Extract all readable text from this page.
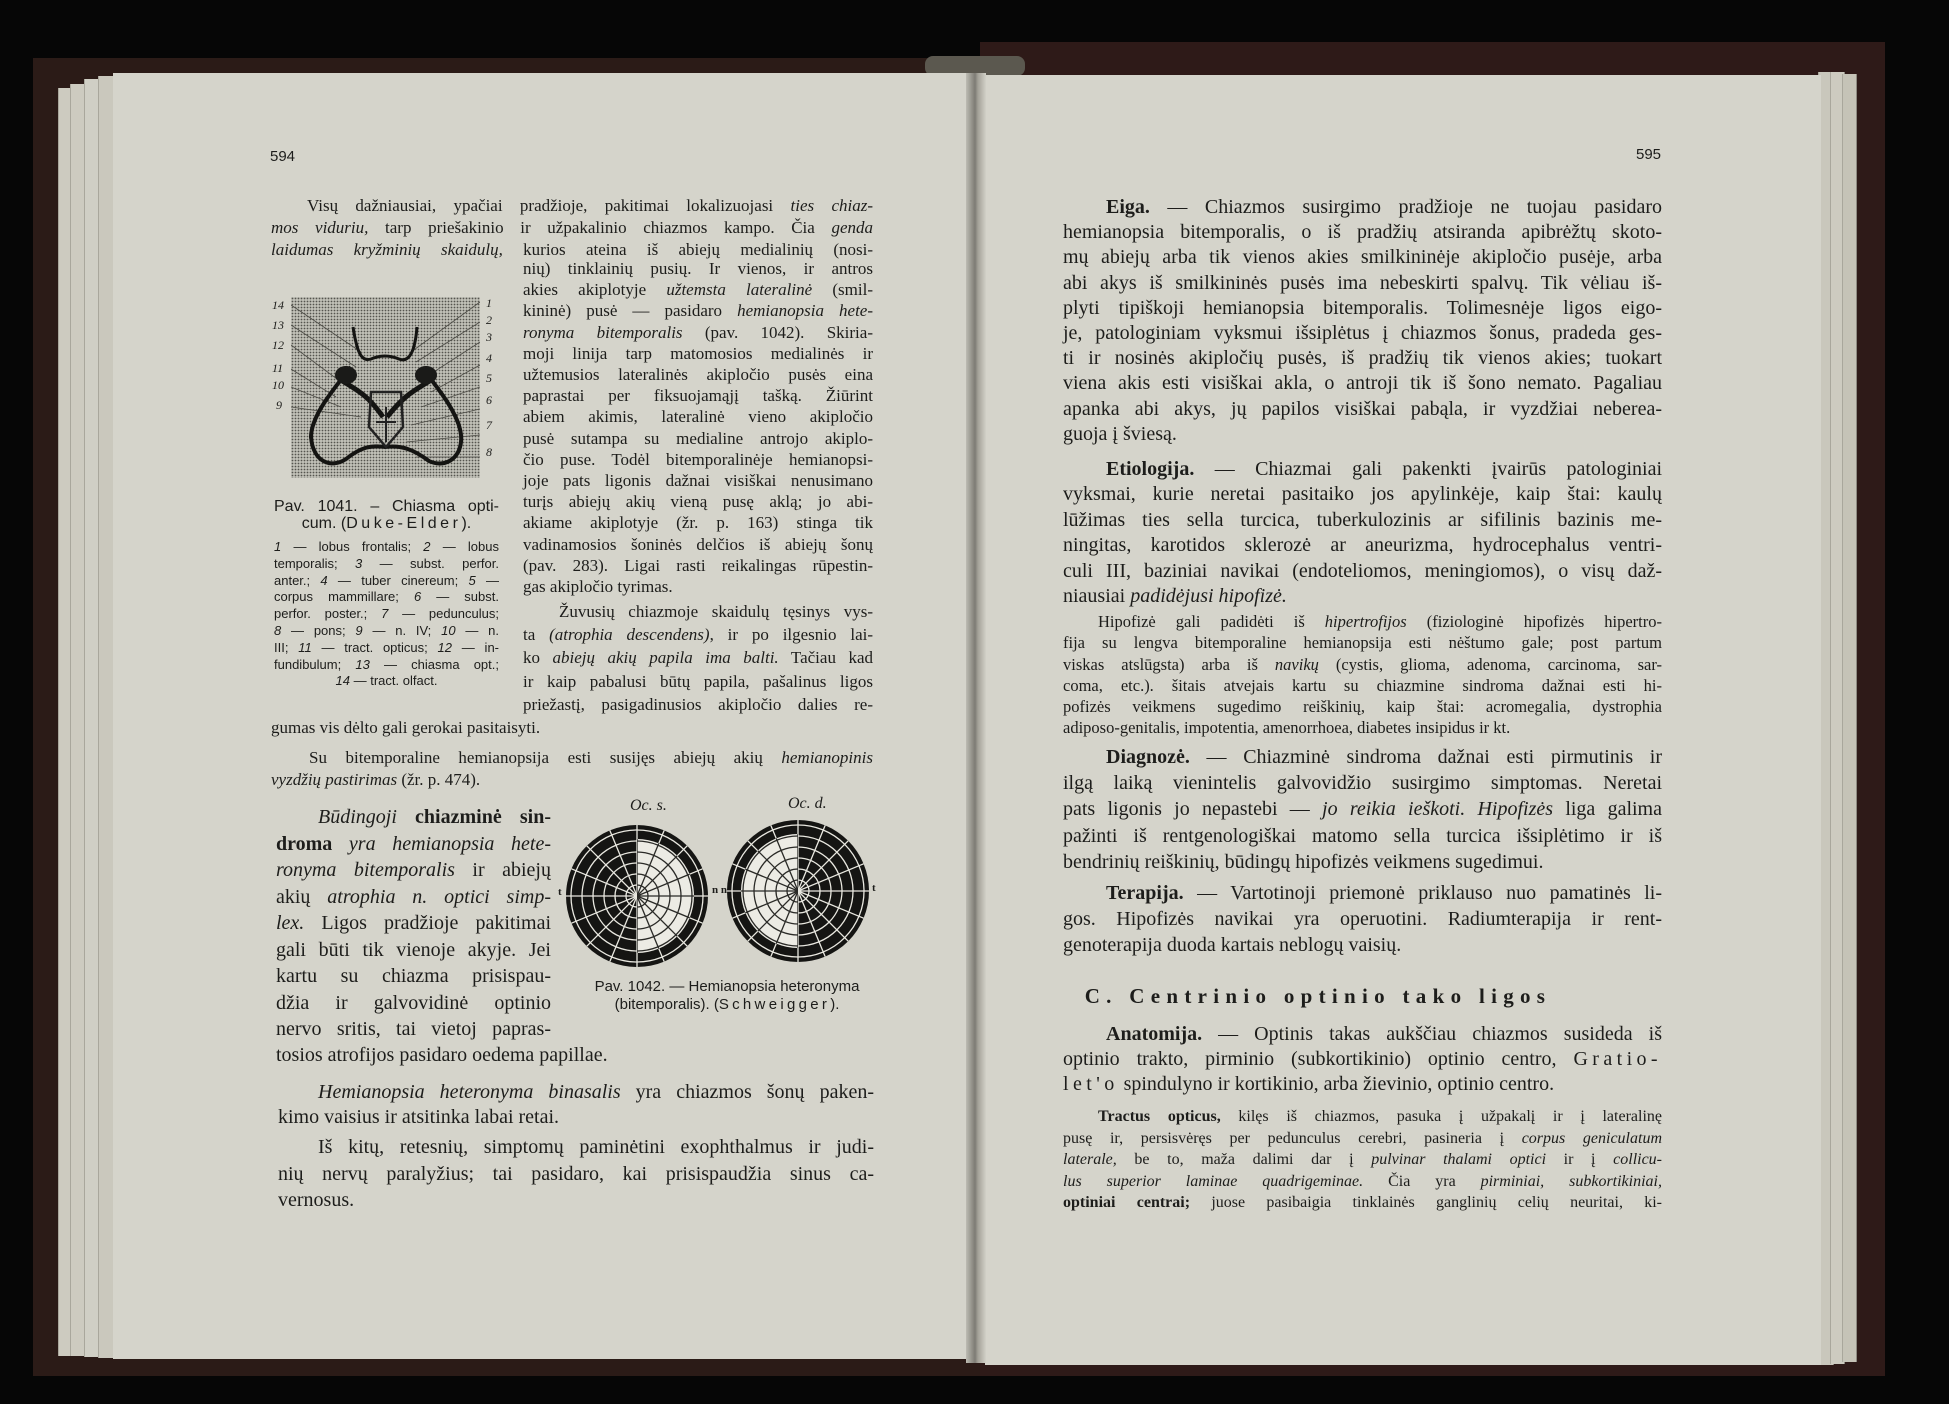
594
Visų dažniausiai, ypačiai pradžioje, pakitimai lokalizuojasi ties chiaz-
mos viduriu, tarp priešakinio ir užpakalinio chiazmos kampo. Čia genda
laidumas kryžminių skaidulų, kurios ateina iš abiejų medialinių (nosi-
nių) tinklainių pusių. Ir vienos, ir antros
akies akiplotyje užtemsta lateralinė (smil-
kininė) pusė — pasidaro hemianopsia hete-
ronyma bitemporalis (pav. 1042). Skiria-
moji linija tarp matomosios medialinės ir
užtemusios lateralinės akipločio pusės eina
paprastai per fiksuojamąjį tašką. Žiūrint
abiem akimis, lateralinė vieno akipločio
pusė sutampa su medialine antrojo akiplo-
čio puse. Todėl bitemporalinėje hemianopsi-
joje pats ligonis dažnai visiškai nenusimano
turįs abiejų akių vieną pusę aklą; jo abi-
akiame akiplotyje (žr. p. 163) stinga tik
vadinamosios šoninės delčios iš abiejų šonų
(pav. 283). Ligai rasti reikalingas rūpestin-
gas akipločio tyrimas.
Žuvusių chiazmoje skaidulų tęsinys vys-
ta (atrophia descendens), ir po ilgesnio lai-
ko abiejų akių papila ima balti. Tačiau kad
ir kaip pabalusi būtų papila, pašalinus ligos
priežastį, pasigadinusios akipločio dalies re-
gumas vis dėlto gali gerokai pasitaisyti.
Su bitemporaline hemianopsija esti susijęs abiejų akių hemianopinis
vyzdžių pastirimas (žr. p. 474).
Būdingoji chiazminė sin-
droma yra hemianopsia hete-
ronyma bitemporalis ir abiejų
akių atrophia n. optici simp-
lex. Ligos pradžioje pakitimai
gali būti tik vienoje akyje. Jei
kartu su chiazma prisispau-
džia ir galvovidinė optinio
nervo sritis, tai vietoj papras-
tosios atrofijos pasidaro oedema papillae.
Hemianopsia heteronyma binasalis yra chiazmos šonų paken-
kimo vaisius ir atsitinka labai retai.
Iš kitų, retesnių, simptomų paminėtini exophthalmus ir judi-
nių nervų paralyžius; tai pasidaro, kai prisispaudžia sinus ca-
vernosus.
14
13
12
11
10
9
1
2
3
4
5
6
7
8
Pav. 1041. – Chiasma opti-
cum. (Duke-Elder).
1 — lobus frontalis; 2 — lobus
temporalis; 3 — subst. perfor.
anter.; 4 — tuber cinereum; 5 —
corpus mammillare; 6 — subst.
perfor. poster.; 7 — pedunculus;
8 — pons; 9 — n. IV; 10 — n.
III; 11 — tract. opticus; 12 — in-
fundibulum; 13 — chiasma opt.;
14 — tract. olfact.
Oc. s.	Oc. d.
t	n n	t
Pav. 1042. — Hemianopsia heteronyma
(bitemporalis). (Schweigger).
595
Eiga. — Chiazmos susirgimo pradžioje ne tuojau pasidaro
hemianopsia bitemporalis, o iš pradžių atsiranda apibrėžtų skoto-
mų abiejų arba tik vienos akies smilkininėje akipločio pusėje, arba
abi akys iš smilkininės pusės ima nebeskirti spalvų. Tik vėliau iš-
plyti tipiškoji hemianopsia bitemporalis. Tolimesnėje ligos eigo-
je, patologiniam vyksmui išsiplėtus į chiazmos šonus, pradeda ges-
ti ir nosinės akipločių pusės, iš pradžių tik vienos akies; tuokart
viena akis esti visiškai akla, o antroji tik iš šono nemato. Pagaliau
apanka abi akys, jų papilos visiškai pabąla, ir vyzdžiai neberea-
guoja į šviesą.
Etiologija. — Chiazmai gali pakenkti įvairūs patologiniai
vyksmai, kurie neretai pasitaiko jos apylinkėje, kaip štai: kaulų
lūžimas ties sella turcica, tuberkulozinis ar sifilinis bazinis me-
ningitas, karotidos sklerozė ar aneurizma, hydrocephalus ventri-
culi III, baziniai navikai (endoteliomos, meningiomos), o visų daž-
niausiai padidėjusi hipofizė.
Hipofizė gali padidėti iš hipertrofijos (fiziologinė hipofizės hipertro-
fija su lengva bitemporaline hemianopsija esti nėštumo gale; post partum
viskas atslūgsta) arba iš navikų (cystis, glioma, adenoma, carcinoma, sar-
coma, etc.). šitais atvejais kartu su chiazmine sindroma dažnai esti hi-
pofizės veikmens sugedimo reiškinių, kaip štai: acromegalia, dystrophia
adiposo-genitalis, impotentia, amenorrhoea, diabetes insipidus ir kt.
Diagnozė. — Chiazminė sindroma dažnai esti pirmutinis ir
ilgą laiką vienintelis galvovidžio susirgimo simptomas. Neretai
pats ligonis jo nepastebi — jo reikia ieškoti. Hipofizės liga galima
pažinti iš rentgenologiškai matomo sella turcica išsiplėtimo ir iš
bendrinių reiškinių, būdingų hipofizės veikmens sugedimui.
Terapija. — Vartotinoji priemonė priklauso nuo pamatinės li-
gos. Hipofizės navikai yra operuotini. Radiumterapija ir rent-
genoterapija duoda kartais neblogų vaisių.
C. Centrinio optinio tako ligos
Anatomija. — Optinis takas aukščiau chiazmos susideda iš
optinio trakto, pirminio (subkortikinio) optinio centro, Gratio-
let'o spindulyno ir kortikinio, arba žievinio, optinio centro.
Tractus opticus, kilęs iš chiazmos, pasuka į užpakalį ir į lateralinę
pusę ir, persisvėręs per pedunculus cerebri, pasineria į corpus geniculatum
laterale, be to, maža dalimi dar į pulvinar thalami optici ir į collicu-
lus superior laminae quadrigeminae. Čia yra pirminiai, subkortikiniai,
optiniai centrai; juose pasibaigia tinklainės ganglinių celių neuritai, ki-
